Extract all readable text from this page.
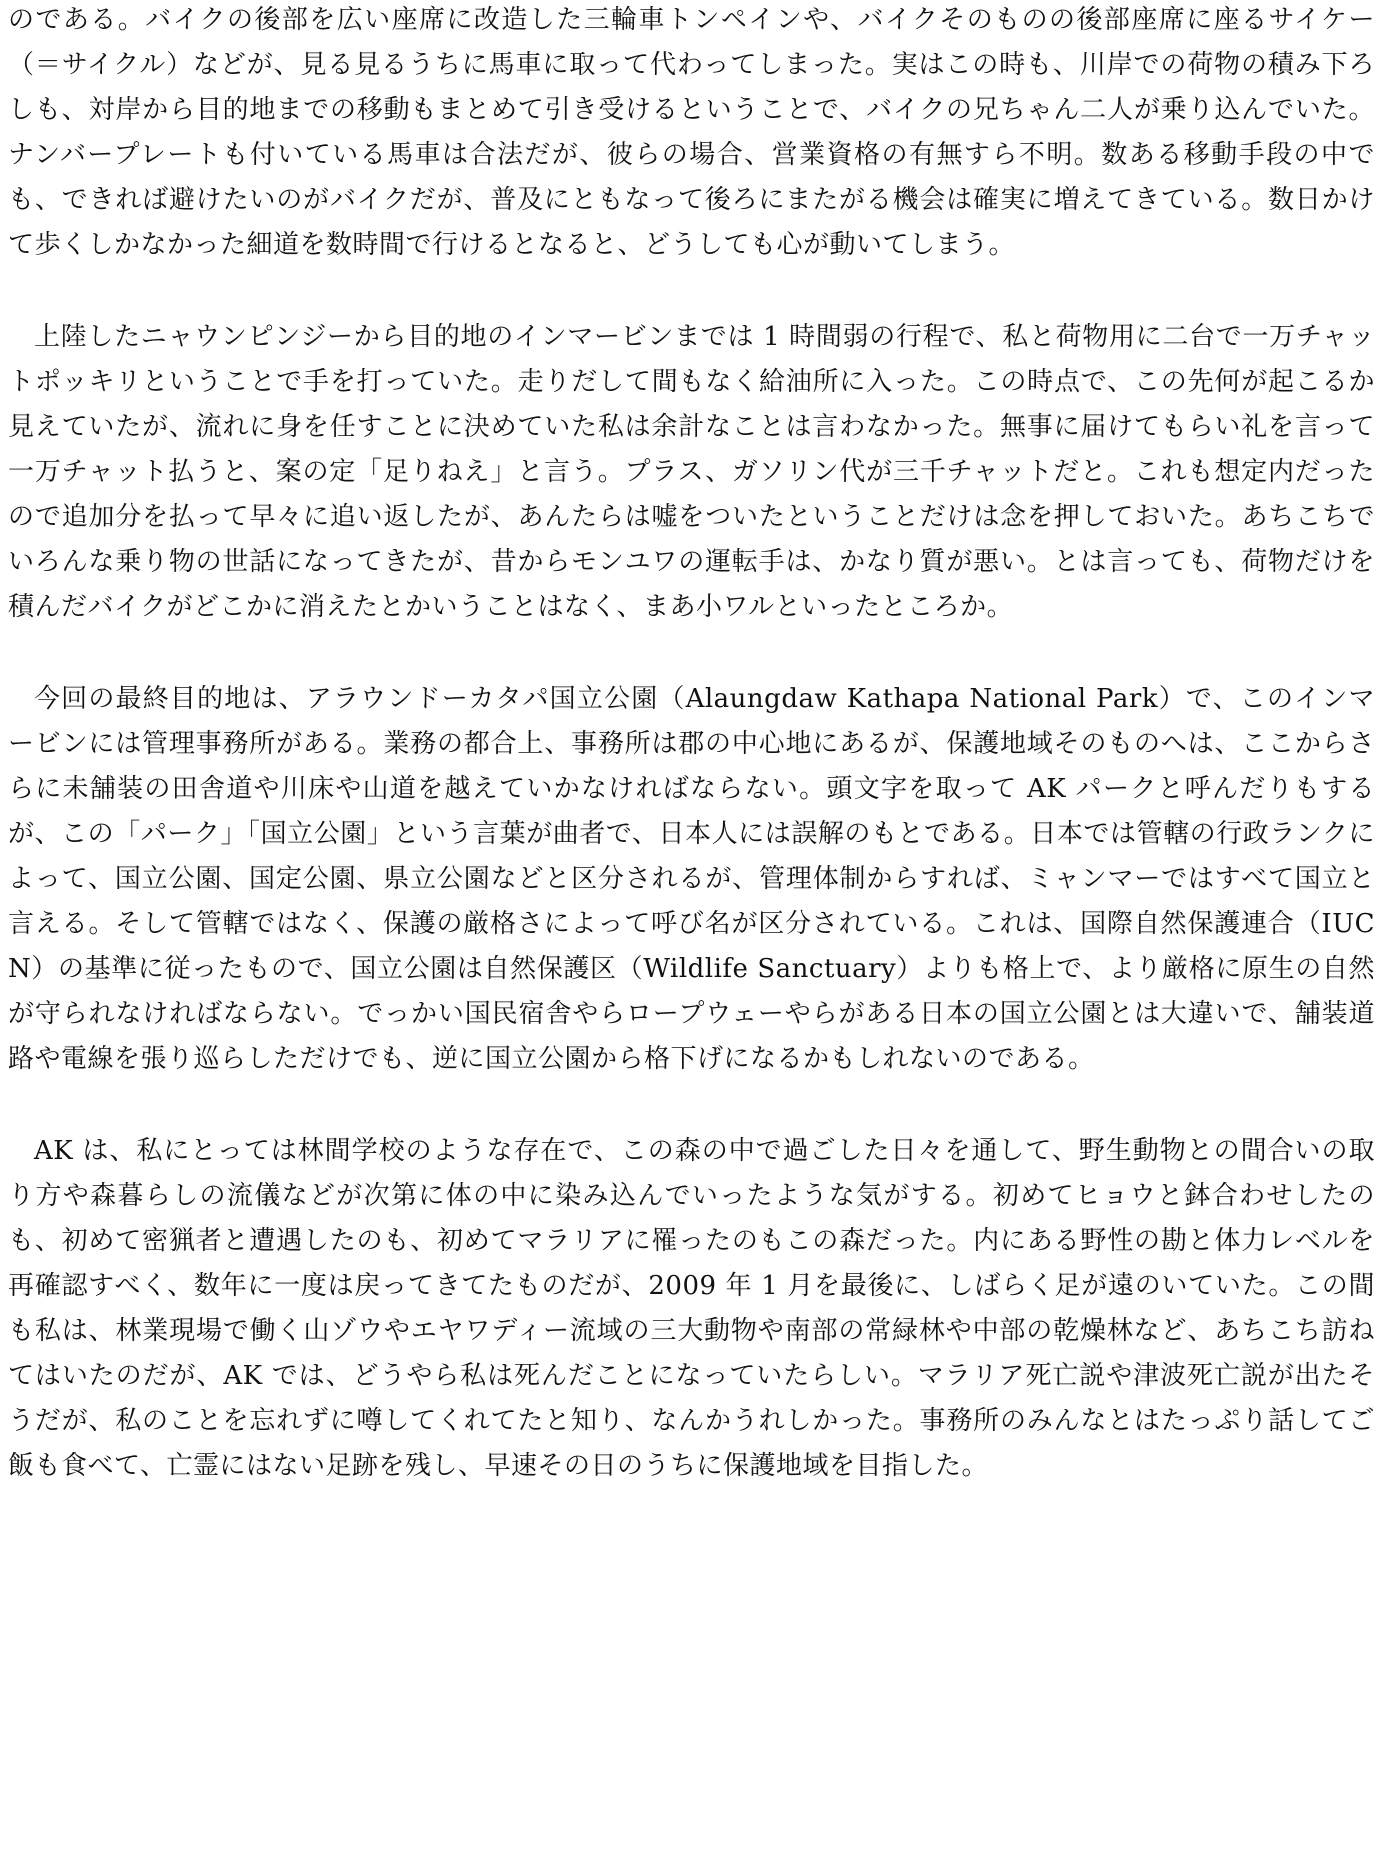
のである。バイクの後部を広い座席に改造した三輪車トンペインや、バイクそのものの後部座席に座るサイケー（＝サイクル）などが、見る見るうちに馬車に取って代わってしまった。実はこの時も、川岸での荷物の積み下ろしも、対岸から目的地までの移動もまとめて引き受けるということで、バイクの兄ちゃん二人が乗り込んでいた。ナンバープレートも付いている馬車は合法だが、彼らの場合、営業資格の有無すら不明。数ある移動手段の中でも、できれば避けたいのがバイクだが、普及にともなって後ろにまたがる機会は確実に増えてきている。数日かけて歩くしかなかった細道を数時間で行けるとなると、どうしても心が動いてしまう。

上陸したニャウンピンジーから目的地のインマービンまでは 1 時間弱の行程で、私と荷物用に二台で一万チャットポッキリということで手を打っていた。走りだして間もなく給油所に入った。この時点で、この先何が起こるか見えていたが、流れに身を任すことに決めていた私は余計なことは言わなかった。無事に届けてもらい礼を言って一万チャット払うと、案の定「足りねえ」と言う。プラス、ガソリン代が三千チャットだと。これも想定内だったので追加分を払って早々に追い返したが、あんたらは嘘をついたということだけは念を押しておいた。あちこちでいろんな乗り物の世話になってきたが、昔からモンユワの運転手は、かなり質が悪い。とは言っても、荷物だけを積んだバイクがどこかに消えたとかいうことはなく、まあ小ワルといったところか。

今回の最終目的地は、アラウンドーカタパ国立公園（Alaungdaw Kathapa National Park）で、このインマービンには管理事務所がある。業務の都合上、事務所は郡の中心地にあるが、保護地域そのものへは、ここからさらに未舗装の田舎道や川床や山道を越えていかなければならない。頭文字を取って AK パークと呼んだりもするが、この「パーク」「国立公園」という言葉が曲者で、日本人には誤解のもとである。日本では管轄の行政ランクによって、国立公園、国定公園、県立公園などと区分されるが、管理体制からすれば、ミャンマーではすべて国立と言える。そして管轄ではなく、保護の厳格さによって呼び名が区分されている。これは、国際自然保護連合（IUCN）の基準に従ったもので、国立公園は自然保護区（Wildlife Sanctuary）よりも格上で、より厳格に原生の自然が守られなければならない。でっかい国民宿舎やらロープウェーやらがある日本の国立公園とは大違いで、舗装道路や電線を張り巡らしただけでも、逆に国立公園から格下げになるかもしれないのである。

AK は、私にとっては林間学校のような存在で、この森の中で過ごした日々を通して、野生動物との間合いの取り方や森暮らしの流儀などが次第に体の中に染み込んでいったような気がする。初めてヒョウと鉢合わせしたのも、初めて密猟者と遭遇したのも、初めてマラリアに罹ったのもこの森だった。内にある野性の勘と体力レベルを再確認すべく、数年に一度は戻ってきてたものだが、2009 年 1 月を最後に、しばらく足が遠のいていた。この間も私は、林業現場で働く山ゾウやエヤワディー流域の三大動物や南部の常緑林や中部の乾燥林など、あちこち訪ねてはいたのだが、AK では、どうやら私は死んだことになっていたらしい。マラリア死亡説や津波死亡説が出たそうだが、私のことを忘れずに噂してくれてたと知り、なんかうれしかった。事務所のみんなとはたっぷり話してご飯も食べて、亡霊にはない足跡を残し、早速その日のうちに保護地域を目指した。
